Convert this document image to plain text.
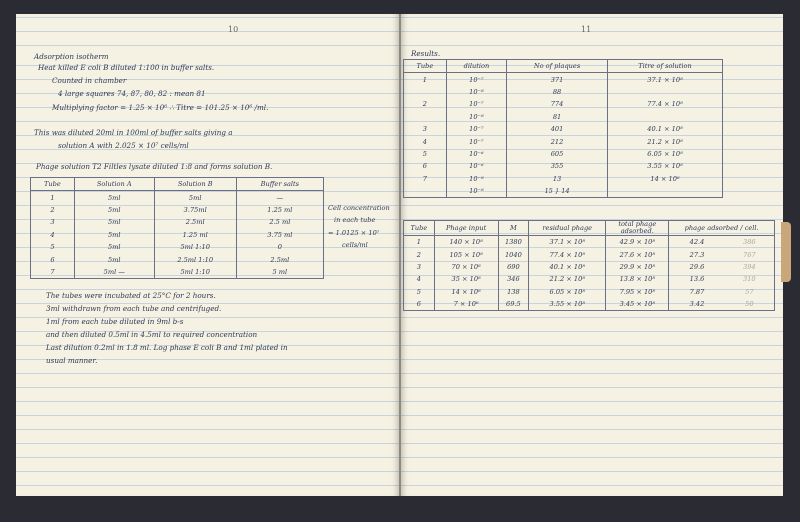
10
Adsorption isotherm
Heat killed E coli B diluted 1:100 in buffer salts.
Counted in chamber
4 large squares 74, 87, 80, 82 : mean 81
Multiplying factor = 1.25 × 10⁶ ∴ Titre = 101.25 × 10⁶ /ml.
This was diluted 20ml in 100ml of buffer salts giving a
solution A with 2.025 × 10⁷ cells/ml
Phage solution T2 Filtles lysate diluted 1:8 and forms solution B.
Tube	Solution A	Solution B	Buffer salts
1	5ml	5ml	—
2	5ml	3.75ml	1.25 ml
3	5ml	2.5ml	2.5 ml
4	5ml	1.25 ml	3.75 ml
5	5ml	5ml 1:10	0
6	5ml	2.5ml 1:10	2.5ml
7	5ml —	5ml 1:10	5 ml
Cell concentration
in each tube
= 1.0125 × 10⁷
cells/ml
The tubes were incubated at 25°C for 2 hours.
3ml withdrawn from each tube and centrifuged.
1ml from each tube diluted in 9ml b-s
and then diluted 0.5ml in 4.5ml to required concentration
Last dilution 0.2ml in 1.8 ml. Log phase E coli B and 1ml plated in
usual manner.
11
Results.
Tube	dilution	No of plaques	Titre of solution
1	10⁻⁷	371	37.1 × 10⁸
	10⁻⁸	88	
2	10⁻⁷	774	77.4 × 10⁸
	10⁻⁸	81	
3	10⁻⁷	401	40.1 × 10⁸
4	10⁻⁷	212	21.2 × 10⁸
5	10⁻⁶	605	6.05 × 10⁸
6	10⁻⁶	355	3.55 × 10⁸
7	10⁻⁸	13	14 × 10⁸
	10⁻⁸	15 } 14	
Tube	Phage input	M	residual phage	total phage adsorbed.	phage adsorbed / cell.	
1	140 × 10⁸	1380	37.1 × 10⁸	42.9 × 10⁸	42.4	386
2	105 × 10⁸	1040	77.4 × 10⁸	27.6 × 10⁸	27.3	767
3	70 × 10⁸	690	40.1 × 10⁸	29.9 × 10⁸	29.6	394
4	35 × 10⁸	346	21.2 × 10⁸	13.8 × 10⁸	13.6	310
5	14 × 10⁸	138	6.05 × 10⁸	7.95 × 10⁸	7.87	57
6	7 × 10⁸	69.5	3.55 × 10⁸	3.45 × 10⁸	3.42	50
